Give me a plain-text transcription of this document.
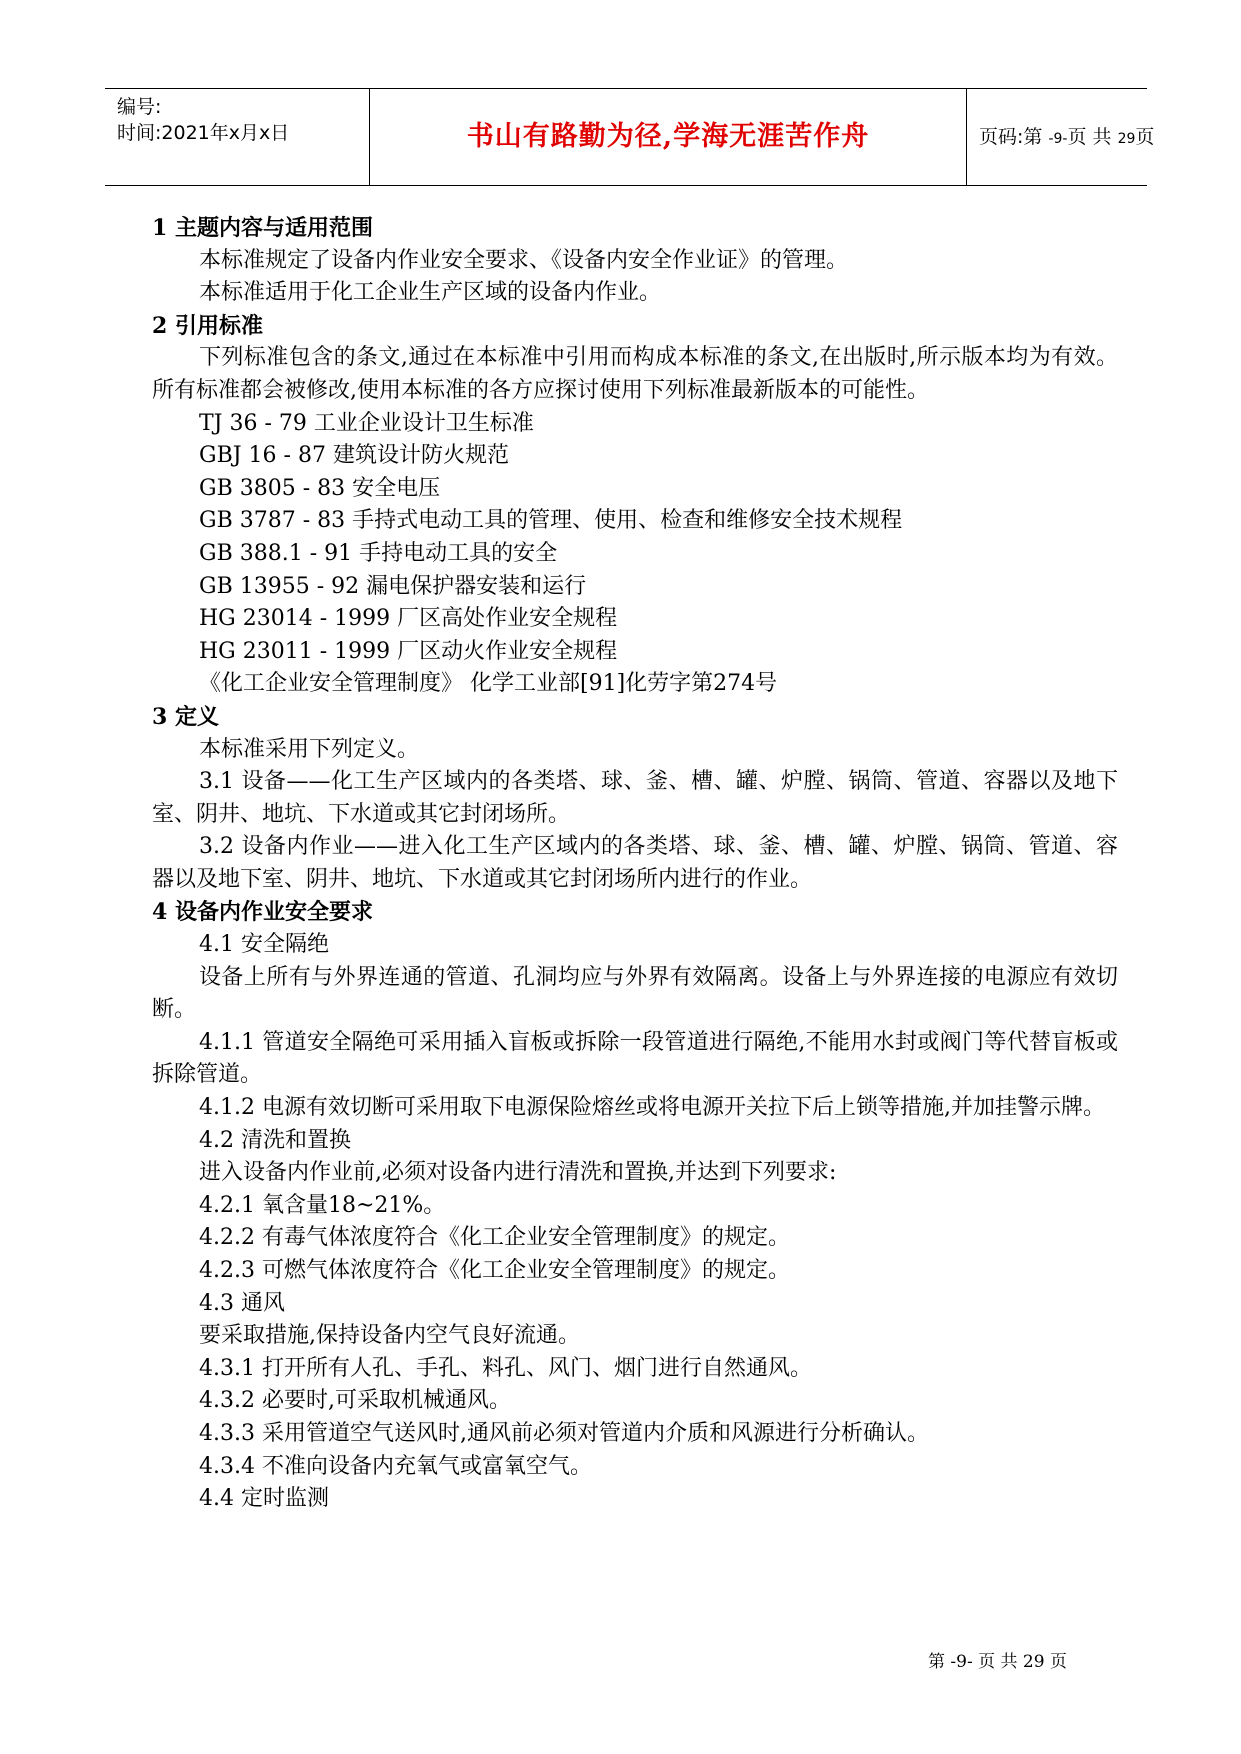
编号:
时间:2021年x月x日	书山有路勤为径,学海无涯苦作舟	页码:第 -9-页 共 29页

1 主题内容与适用范围

本标准规定了设备内作业安全要求、《设备内安全作业证》的管理。

本标准适用于化工企业生产区域的设备内作业。

2 引用标准

下列标准包含的条文,通过在本标准中引用而构成本标准的条文,在出版时,所示版本均为有效。所有标准都会被修改,使用本标准的各方应探讨使用下列标准最新版本的可能性。

TJ 36 - 79 工业企业设计卫生标准

GBJ 16 - 87 建筑设计防火规范

GB 3805 - 83 安全电压

GB 3787 - 83 手持式电动工具的管理、使用、检查和维修安全技术规程

GB 388.1 - 91 手持电动工具的安全

GB 13955 - 92 漏电保护器安装和运行

HG 23014 - 1999 厂区高处作业安全规程

HG 23011 - 1999 厂区动火作业安全规程

《化工企业安全管理制度》 化学工业部[91]化劳字第274号

3 定义

本标准采用下列定义。

3.1 设备——化工生产区域内的各类塔、球、釜、槽、罐、炉膛、锅筒、管道、容器以及地下室、阴井、地坑、下水道或其它封闭场所。

3.2 设备内作业——进入化工生产区域内的各类塔、球、釜、槽、罐、炉膛、锅筒、管道、容器以及地下室、阴井、地坑、下水道或其它封闭场所内进行的作业。

4 设备内作业安全要求

4.1 安全隔绝

设备上所有与外界连通的管道、孔洞均应与外界有效隔离。设备上与外界连接的电源应有效切断。

4.1.1 管道安全隔绝可采用插入盲板或拆除一段管道进行隔绝,不能用水封或阀门等代替盲板或拆除管道。

4.1.2 电源有效切断可采用取下电源保险熔丝或将电源开关拉下后上锁等措施,并加挂警示牌。

4.2 清洗和置换

进入设备内作业前,必须对设备内进行清洗和置换,并达到下列要求:

4.2.1 氧含量18~21%。

4.2.2 有毒气体浓度符合《化工企业安全管理制度》的规定。

4.2.3 可燃气体浓度符合《化工企业安全管理制度》的规定。

4.3 通风

要采取措施,保持设备内空气良好流通。

4.3.1 打开所有人孔、手孔、料孔、风门、烟门进行自然通风。

4.3.2 必要时,可采取机械通风。

4.3.3 采用管道空气送风时,通风前必须对管道内介质和风源进行分析确认。

4.3.4 不准向设备内充氧气或富氧空气。

4.4 定时监测

第 -9- 页 共 29 页
